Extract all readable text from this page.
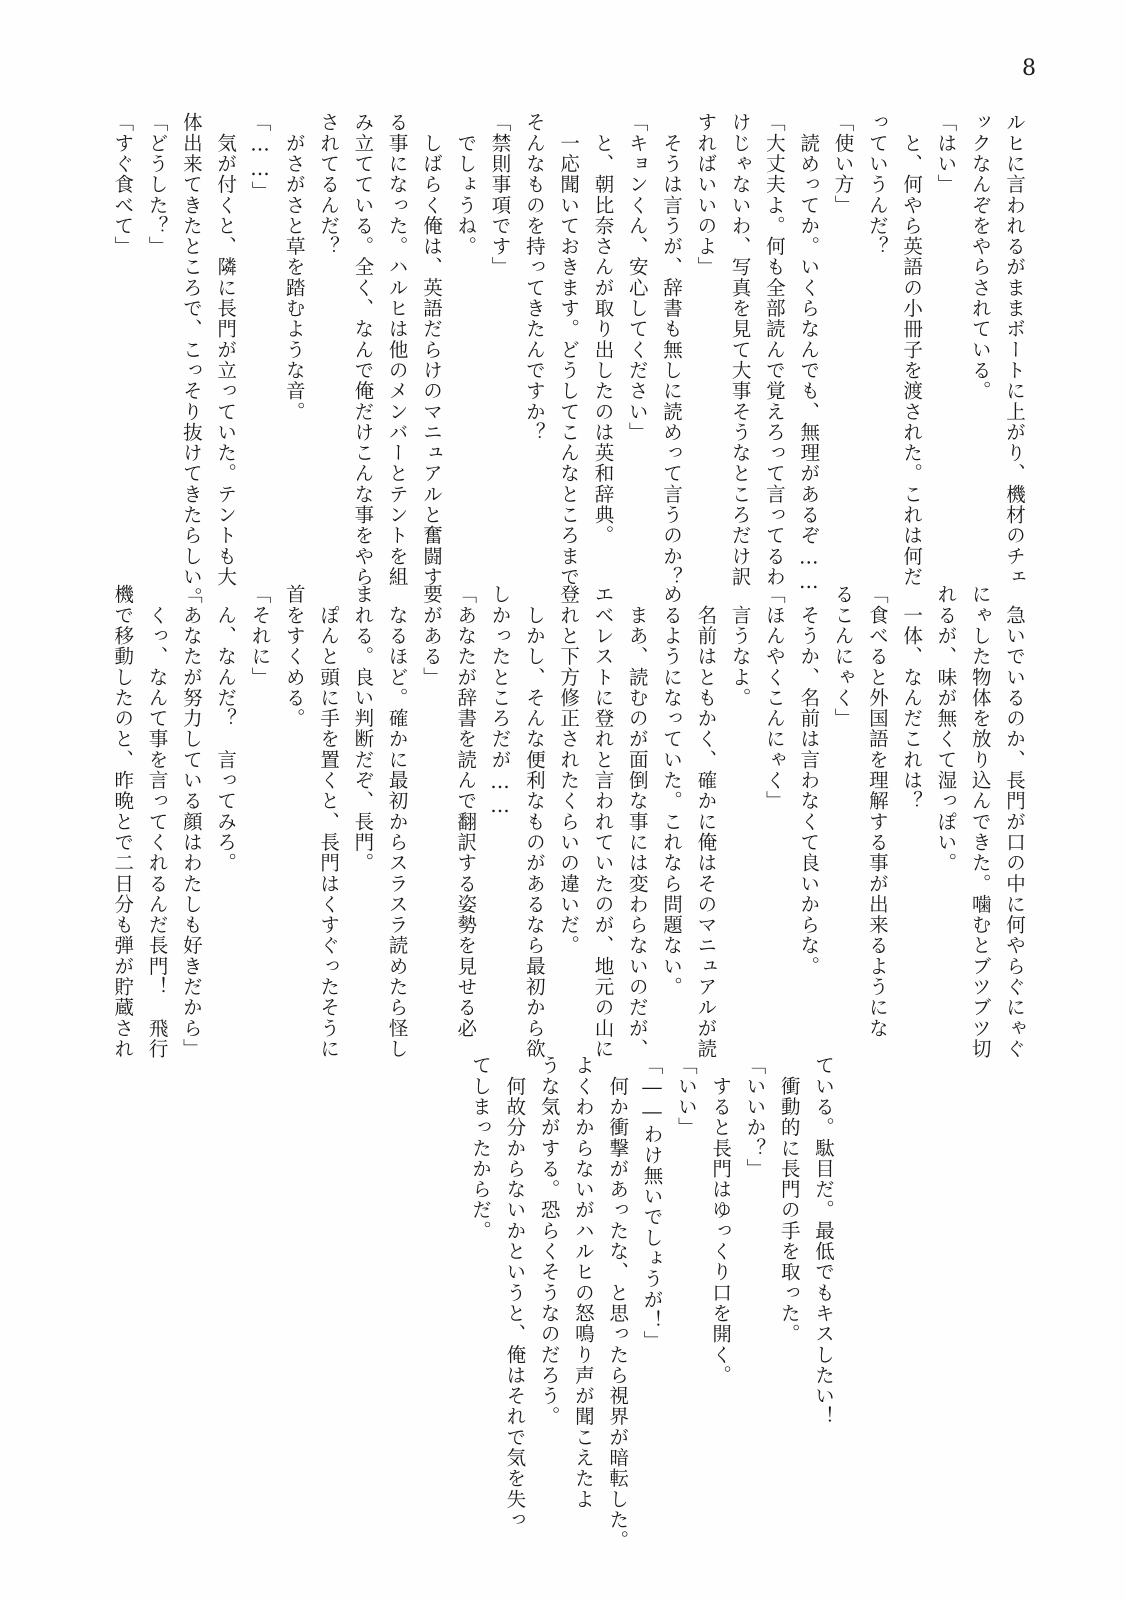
8
ルヒに言われるがままボートに上がり、機材のチェ
ックなんぞをやらされている。
「はい」
　と、何やら英語の小冊子を渡された。これは何だ
っていうんだ？
「使い方」
　読めってか。いくらなんでも、無理があるぞ……
「大丈夫よ。何も全部読んで覚えろって言ってるわ
けじゃないわ、写真を見て大事そうなところだけ訳
すればいいのよ」
　そうは言うが、辞書も無しに読めって言うのか？
「キョンくん、安心してください」
　と、朝比奈さんが取り出したのは英和辞典。
　一応聞いておきます。どうしてこんなところまで
そんなものを持ってきたんですか？
「禁則事項です」
　でしょうね。
　しばらく俺は、英語だらけのマニュアルと奮闘す
る事になった。ハルヒは他のメンバーとテントを組
み立てている。全く、なんで俺だけこんな事をやら
されてるんだ？
　がさがさと草を踏むような音。
「……」
　気が付くと、隣に長門が立っていた。テントも大
体出来てきたところで、こっそり抜けてきたらしい。
「どうした？」
「すぐ食べて」
　急いでいるのか、長門が口の中に何やらぐにゃぐ
にゃした物体を放り込んできた。噛むとブツブツ切
れるが、味が無くて湿っぽい。
　一体、なんだこれは？
「食べると外国語を理解する事が出来るようにな
るこんにゃく」
　そうか、名前は言わなくて良いからな。
「ほんやくこんにゃく」
　言うなよ。
　名前はともかく、確かに俺はそのマニュアルが読
めるようになっていた。これなら問題ない。
　まあ、読むのが面倒な事には変わらないのだが、
エベレストに登れと言われていたのが、地元の山に
登れと下方修正されたくらいの違いだ。
　しかし、そんな便利なものがあるなら最初から欲
しかったところだが……
「あなたが辞書を読んで翻訳する姿勢を見せる必
要がある」
　なるほど。確かに最初からスラスラ読めたら怪し
まれる。良い判断だぞ、長門。
　ぽんと頭に手を置くと、長門はくすぐったそうに
首をすくめる。
「それに」
　ん、なんだ？　言ってみろ。
「あなたが努力している顔はわたしも好きだから」
　くっ、なんて事を言ってくれるんだ長門！　飛行
機で移動したのと、昨晩とで二日分も弾が貯蔵され
ている。駄目だ。最低でもキスしたい！
　衝動的に長門の手を取った。
「いいか？」
　すると長門はゆっくり口を開く。
「いい」
「――わけ無いでしょうが！」
　何か衝撃があったな、と思ったら視界が暗転した。
よくわからないがハルヒの怒鳴り声が聞こえたよ
うな気がする。恐らくそうなのだろう。
　何故分からないかというと、俺はそれで気を失っ
てしまったからだ。
